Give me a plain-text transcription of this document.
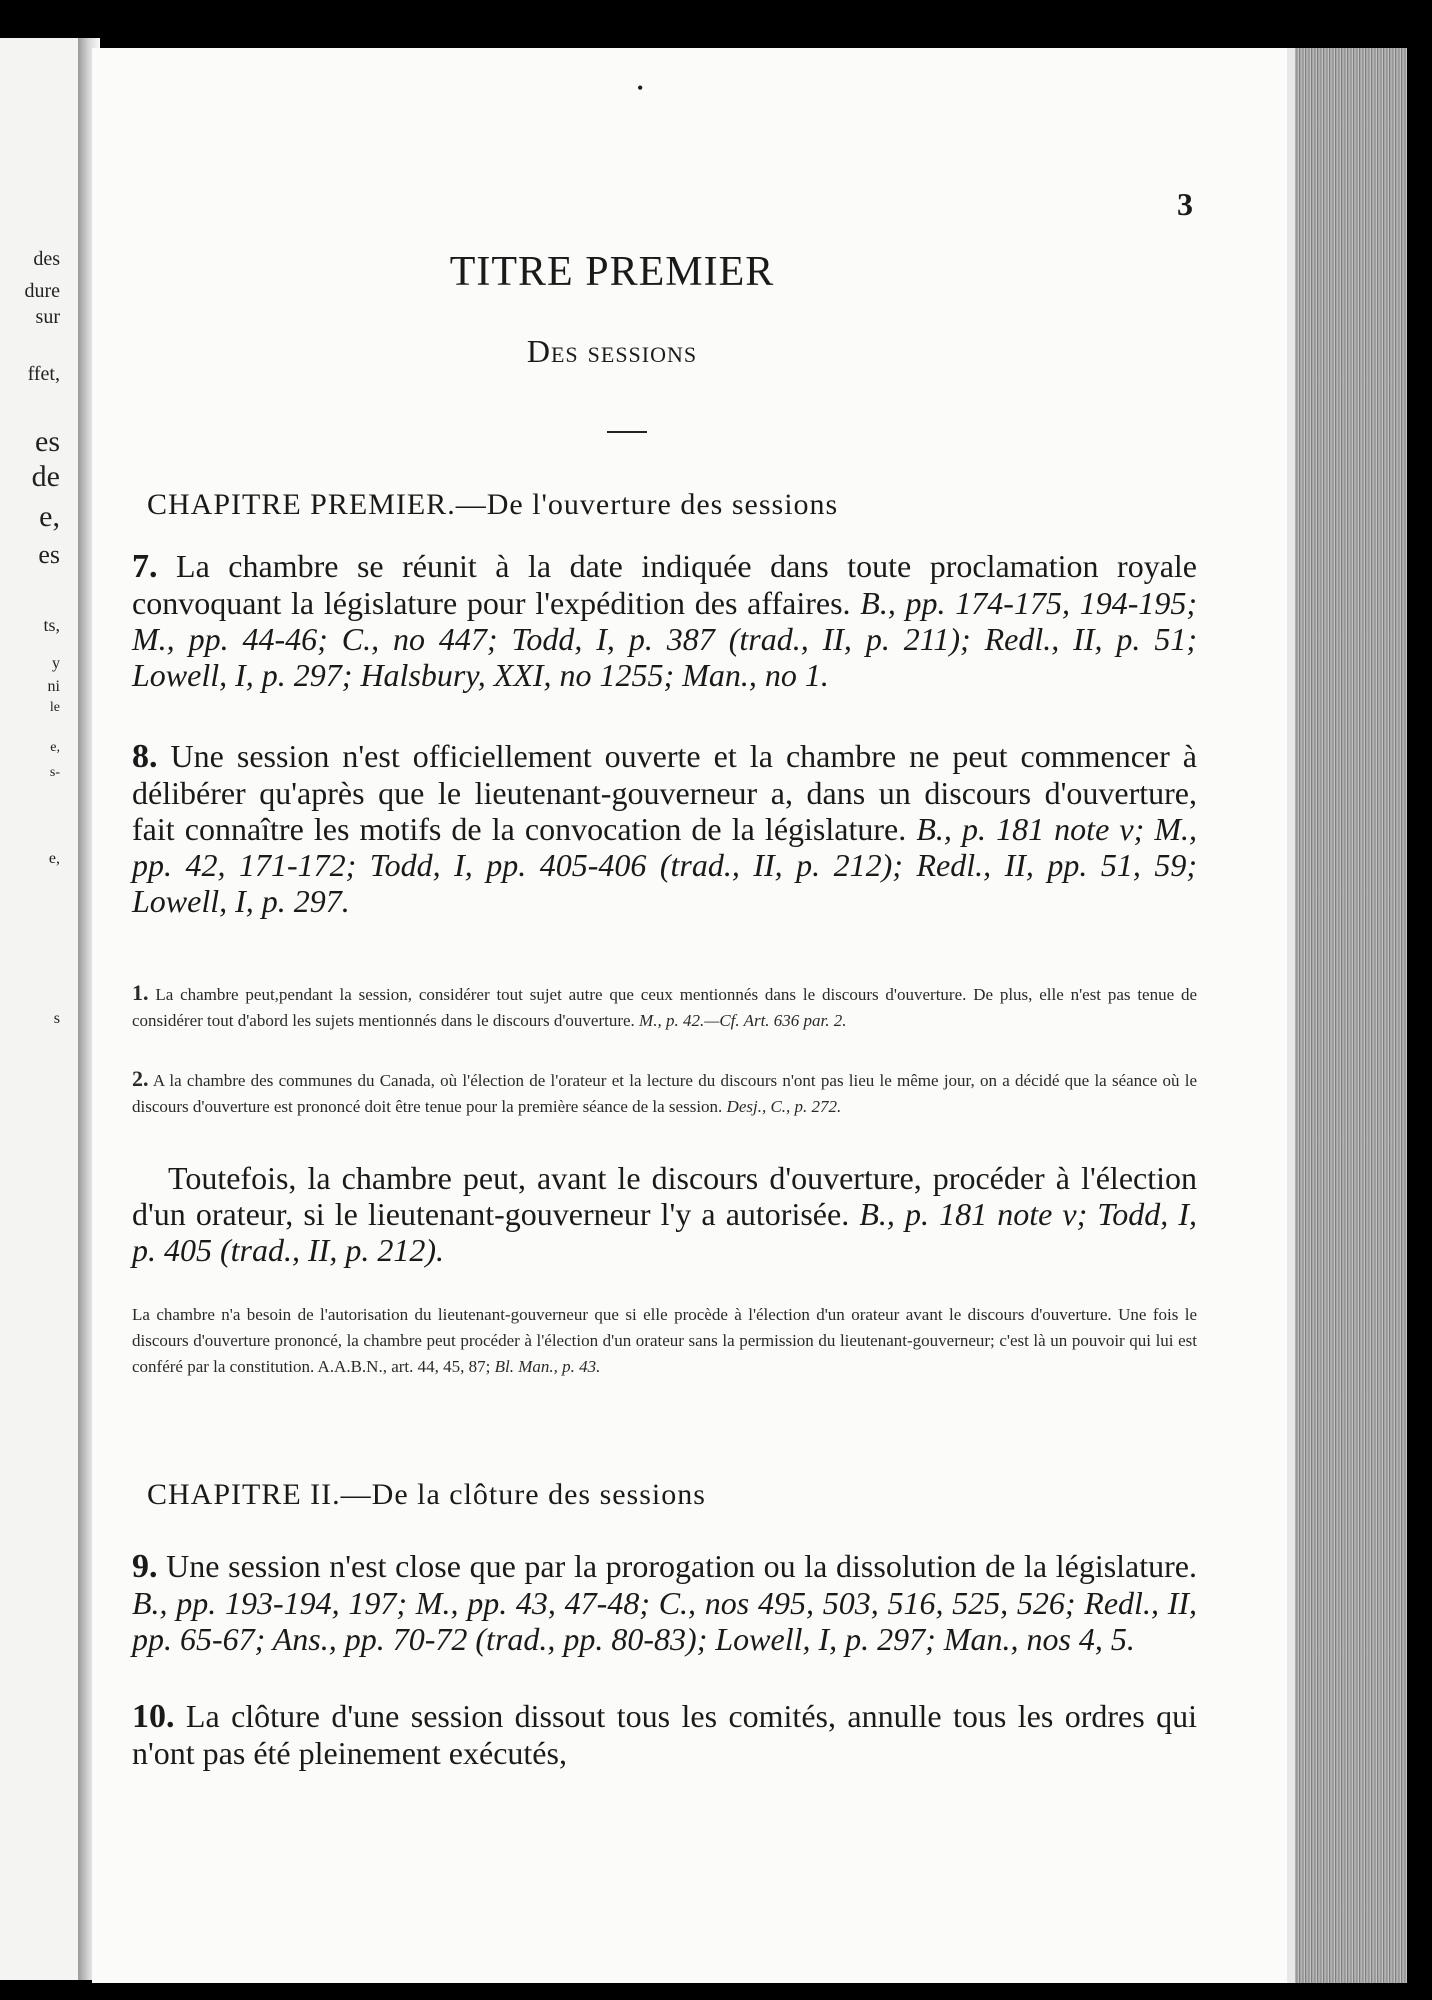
des
dure
sur
ffet,
es
de
e,
es
ts,
y
ni
le
e,
s-
e,
s
•
3
TITRE PREMIER
Des sessions
CHAPITRE PREMIER.—De l'ouverture des sessions
7. La chambre se réunit à la date indiquée dans toute proclamation royale convoquant la législature pour l'expédition des affaires. B., pp. 174-175, 194-195; M., pp. 44-46; C., no 447; Todd, I, p. 387 (trad., II, p. 211); Redl., II, p. 51; Lowell, I, p. 297; Halsbury, XXI, no 1255; Man., no 1.
8. Une session n'est officiellement ouverte et la chambre ne peut commencer à délibérer qu'après que le lieutenant-gouverneur a, dans un discours d'ouverture, fait connaître les motifs de la convocation de la législature. B., p. 181 note v; M., pp. 42, 171-172; Todd, I, pp. 405-406 (trad., II, p. 212); Redl., II, pp. 51, 59; Lowell, I, p. 297.
1. La chambre peut,pendant la session, considérer tout sujet autre que ceux mentionnés dans le discours d'ouverture. De plus, elle n'est pas tenue de considérer tout d'abord les sujets mentionnés dans le discours d'ouverture. M., p. 42.—Cf. Art. 636 par. 2.
2. A la chambre des communes du Canada, où l'élection de l'orateur et la lecture du discours n'ont pas lieu le même jour, on a décidé que la séance où le discours d'ouverture est prononcé doit être tenue pour la première séance de la session. Desj., C., p. 272.
Toutefois, la chambre peut, avant le discours d'ouverture, procéder à l'élection d'un orateur, si le lieutenant-gouverneur l'y a autorisée. B., p. 181 note v; Todd, I, p. 405 (trad., II, p. 212).
La chambre n'a besoin de l'autorisation du lieutenant-gouverneur que si elle procède à l'élection d'un orateur avant le discours d'ouverture. Une fois le discours d'ouverture prononcé, la chambre peut procéder à l'élection d'un orateur sans la permission du lieutenant-gouverneur; c'est là un pouvoir qui lui est conféré par la constitution. A.A.B.N., art. 44, 45, 87; Bl. Man., p. 43.
CHAPITRE II.—De la clôture des sessions
9. Une session n'est close que par la prorogation ou la dissolution de la législature. B., pp. 193-194, 197; M., pp. 43, 47-48; C., nos 495, 503, 516, 525, 526; Redl., II, pp. 65-67; Ans., pp. 70-72 (trad., pp. 80-83); Lowell, I, p. 297; Man., nos 4, 5.
10. La clôture d'une session dissout tous les comités, annulle tous les ordres qui n'ont pas été pleinement exécutés,
